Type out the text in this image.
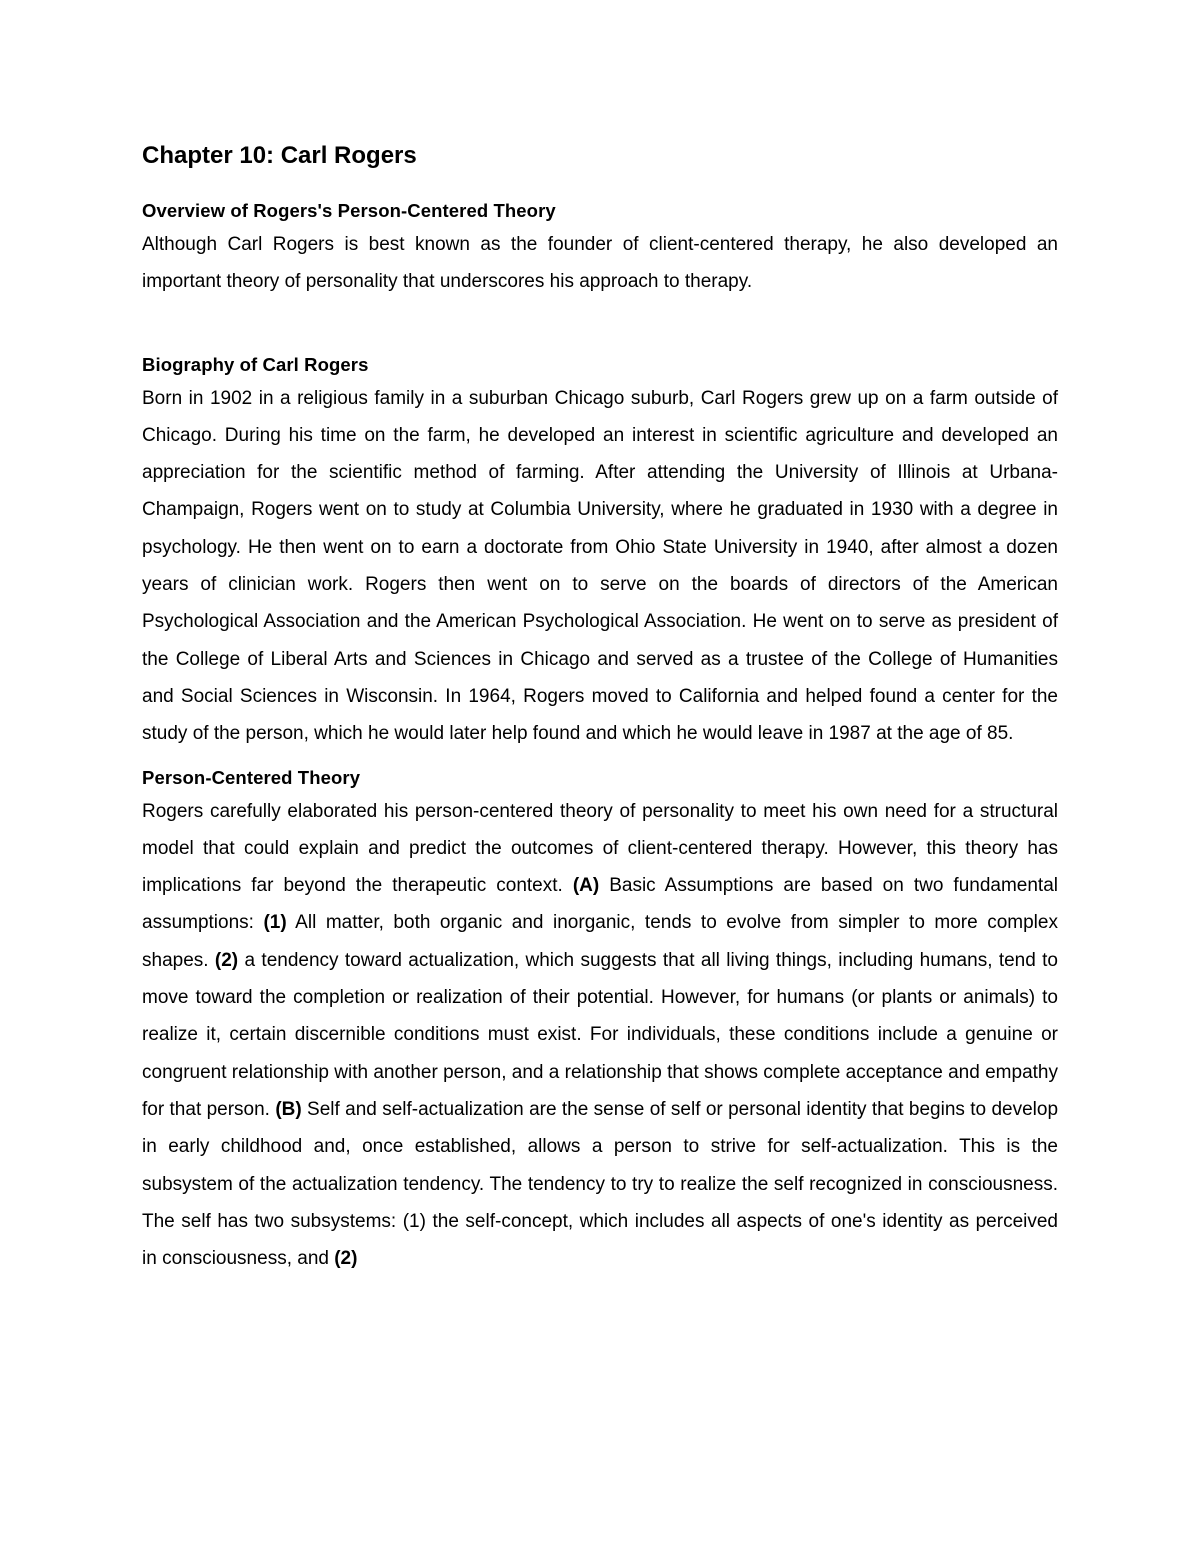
Chapter 10: Carl Rogers
Overview of Rogers's Person-Centered Theory

Although Carl Rogers is best known as the founder of client-centered therapy, he also developed an important theory of personality that underscores his approach to therapy.

Biography of Carl Rogers

Born in 1902 in a religious family in a suburban Chicago suburb, Carl Rogers grew up on a farm outside of Chicago. During his time on the farm, he developed an interest in scientific agriculture and developed an appreciation for the scientific method of farming. After attending the University of Illinois at Urbana-Champaign, Rogers went on to study at Columbia University, where he graduated in 1930 with a degree in psychology. He then went on to earn a doctorate from Ohio State University in 1940, after almost a dozen years of clinician work. Rogers then went on to serve on the boards of directors of the American Psychological Association and the American Psychological Association. He went on to serve as president of the College of Liberal Arts and Sciences in Chicago and served as a trustee of the College of Humanities and Social Sciences in Wisconsin. In 1964, Rogers moved to California and helped found a center for the study of the person, which he would later help found and which he would leave in 1987 at the age of 85.

Person-Centered Theory

Rogers carefully elaborated his person-centered theory of personality to meet his own need for a structural model that could explain and predict the outcomes of client-centered therapy. However, this theory has implications far beyond the therapeutic context. (A) Basic Assumptions are based on two fundamental assumptions: (1) All matter, both organic and inorganic, tends to evolve from simpler to more complex shapes. (2) a tendency toward actualization, which suggests that all living things, including humans, tend to move toward the completion or realization of their potential. However, for humans (or plants or animals) to realize it, certain discernible conditions must exist. For individuals, these conditions include a genuine or congruent relationship with another person, and a relationship that shows complete acceptance and empathy for that person. (B) Self and self-actualization are the sense of self or personal identity that begins to develop in early childhood and, once established, allows a person to strive for self-actualization. This is the subsystem of the actualization tendency. The tendency to try to realize the self recognized in consciousness. The self has two subsystems: (1) the self-concept, which includes all aspects of one's identity as perceived in consciousness, and (2)
